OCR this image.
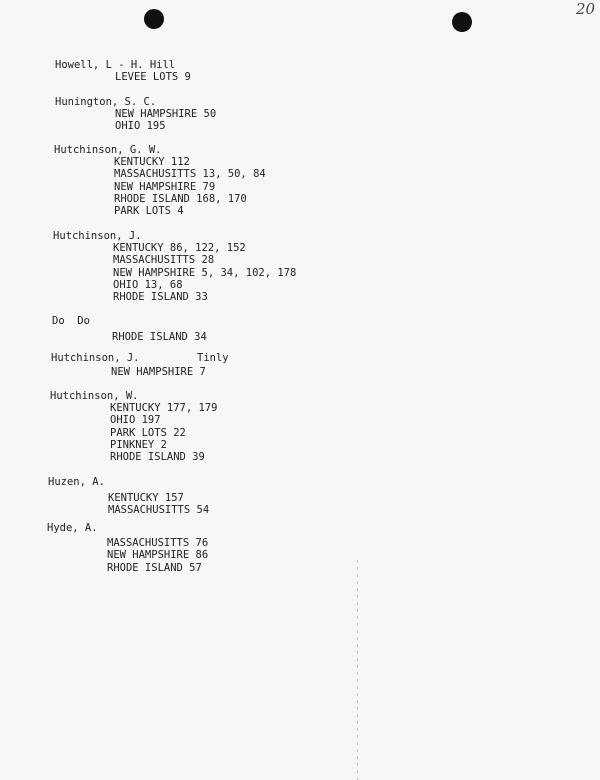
20
Howell, L - H. Hill
LEVEE LOTS 9
Hunington, S. C.
NEW HAMPSHIRE 50
OHIO 195
Hutchinson, G. W.
KENTUCKY 112
MASSACHUSITTS 13, 50, 84
NEW HAMPSHIRE 79
RHODE ISLAND 168, 170
PARK LOTS 4
Hutchinson, J.
KENTUCKY 86, 122, 152
MASSACHUSITTS 28
NEW HAMPSHIRE 5, 34, 102, 178
OHIO 13, 68
RHODE ISLAND 33
Do  Do
RHODE ISLAND 34
Hutchinson, J.	Tinly
NEW HAMPSHIRE 7
Hutchinson, W.
KENTUCKY 177, 179
OHIO 197
PARK LOTS 22
PINKNEY 2
RHODE ISLAND 39
Huzen, A.
KENTUCKY 157
MASSACHUSITTS 54
Hyde, A.
MASSACHUSITTS 76
NEW HAMPSHIRE 86
RHODE ISLAND 57
